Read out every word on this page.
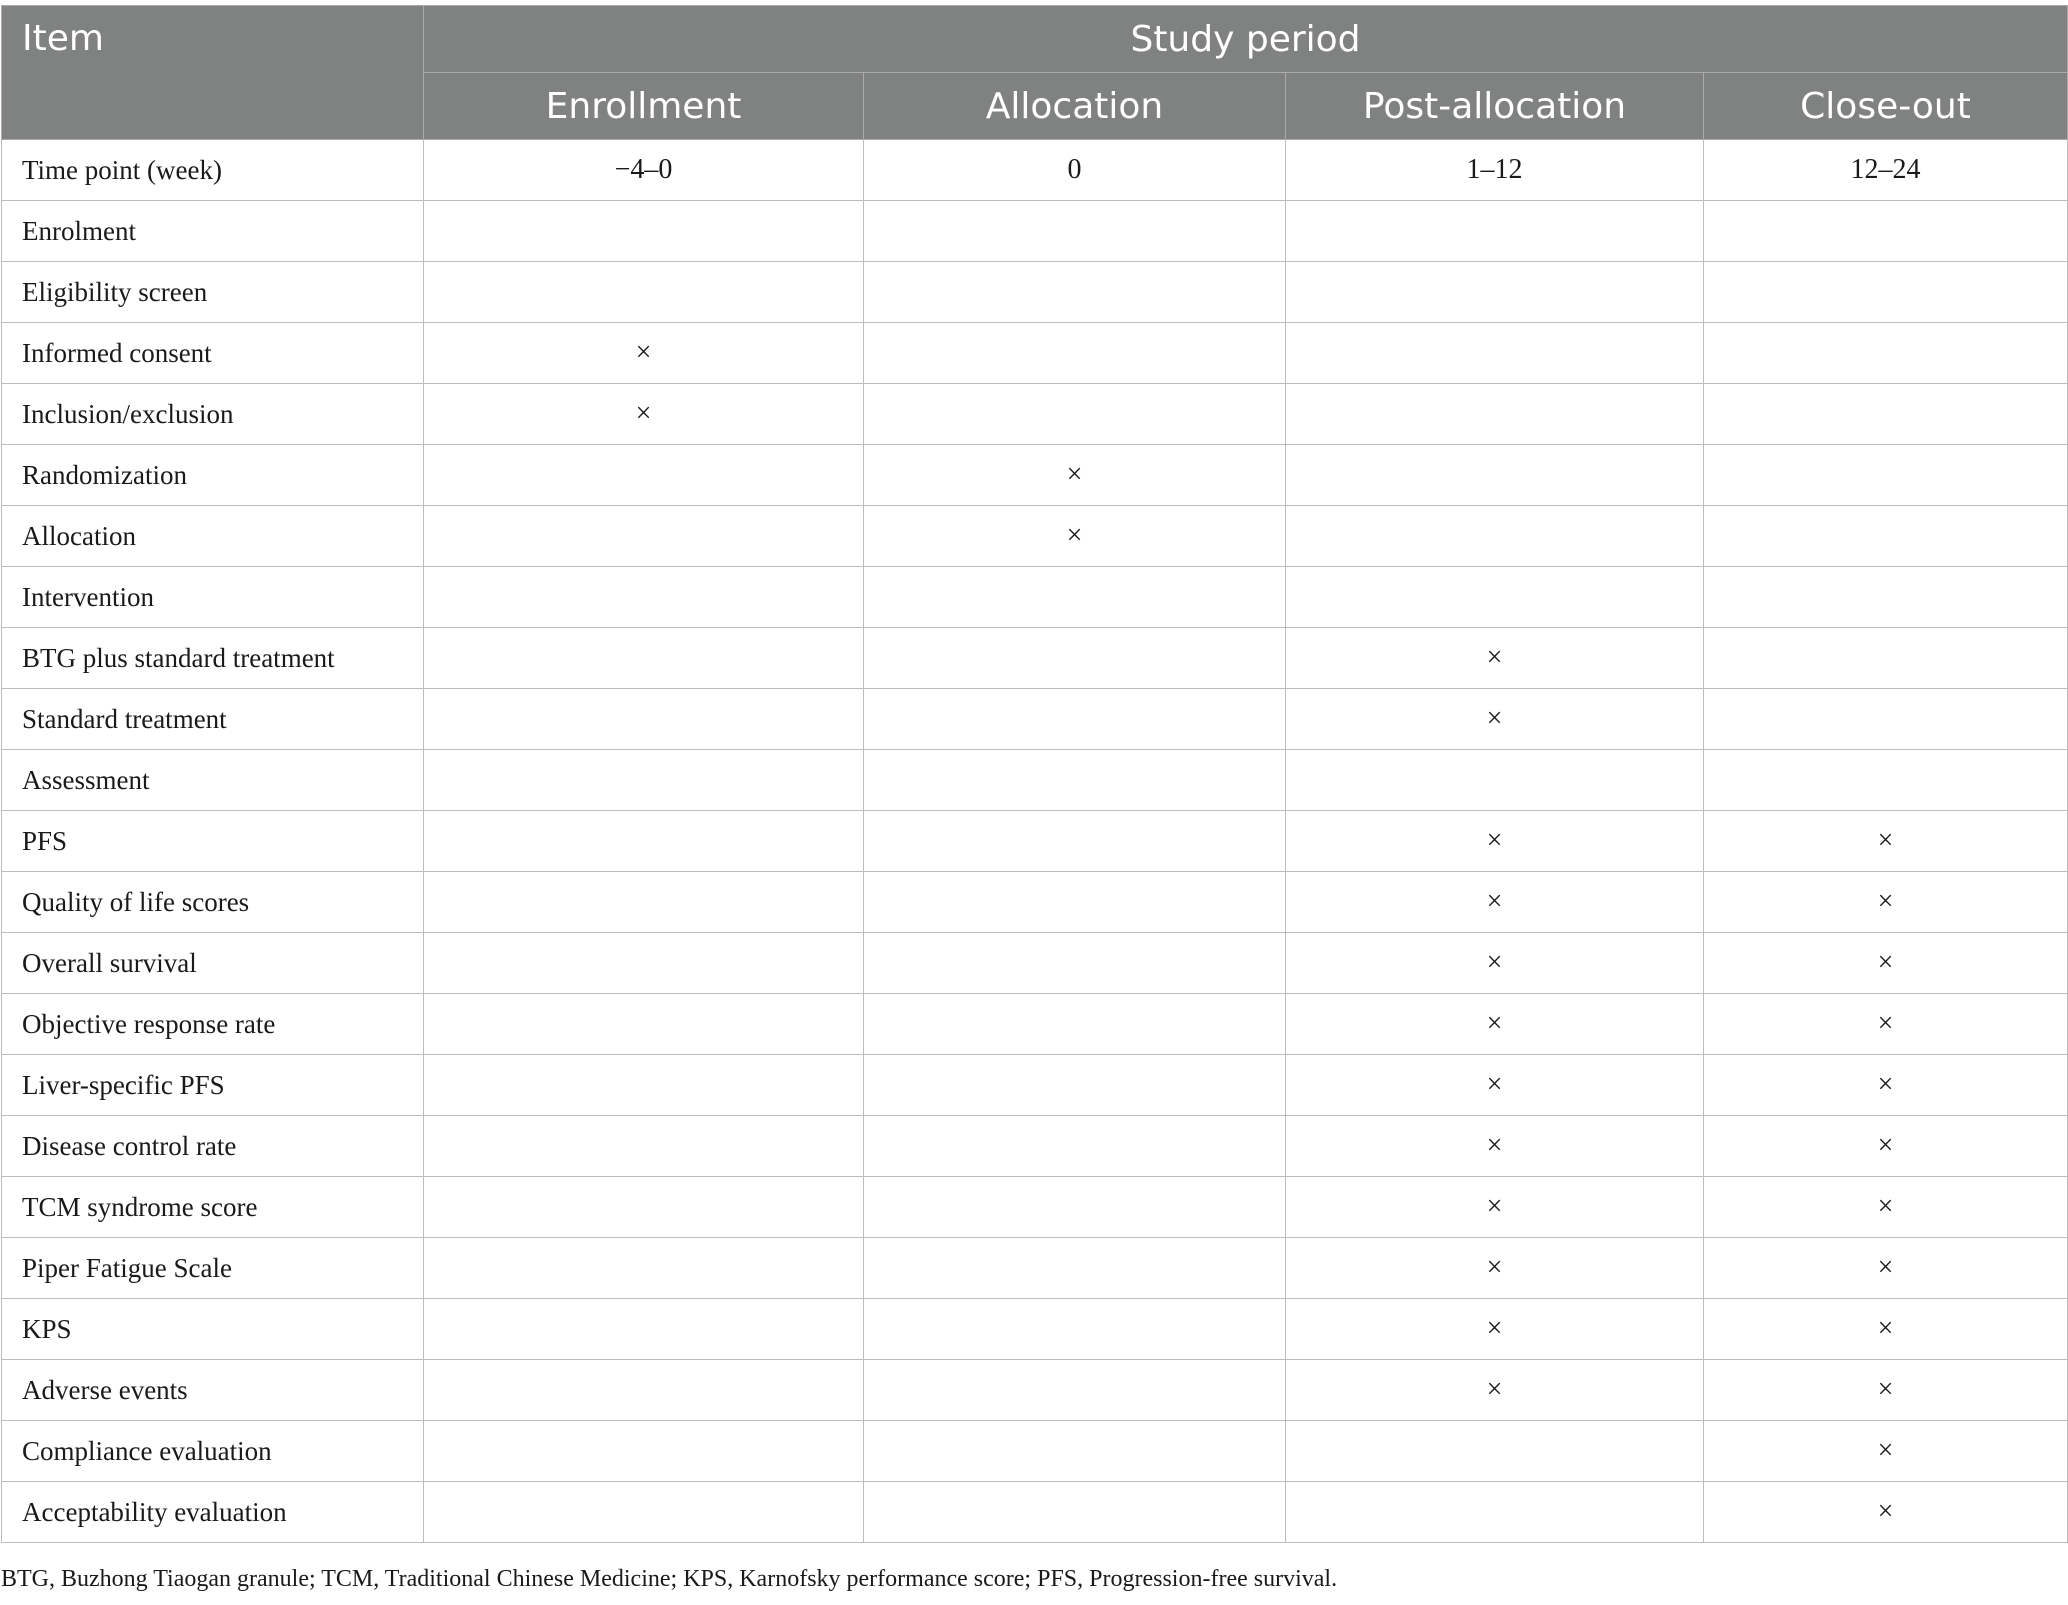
Item	Study period			
	Enrollment	Allocation	Post-allocation	Close-out
Time point (week)	−4–0	0	1–12	12–24
Enrolment				
Eligibility screen				
Informed consent	×			
Inclusion/exclusion	×			
Randomization		×		
Allocation		×		
Intervention				
BTG plus standard treatment			×	
Standard treatment			×	
Assessment				
PFS			×	×
Quality of life scores			×	×
Overall survival			×	×
Objective response rate			×	×
Liver-specific PFS			×	×
Disease control rate			×	×
TCM syndrome score			×	×
Piper Fatigue Scale			×	×
KPS			×	×
Adverse events			×	×
Compliance evaluation				×
Acceptability evaluation				×
BTG, Buzhong Tiaogan granule; TCM, Traditional Chinese Medicine; KPS, Karnofsky performance score; PFS, Progression-free survival.
